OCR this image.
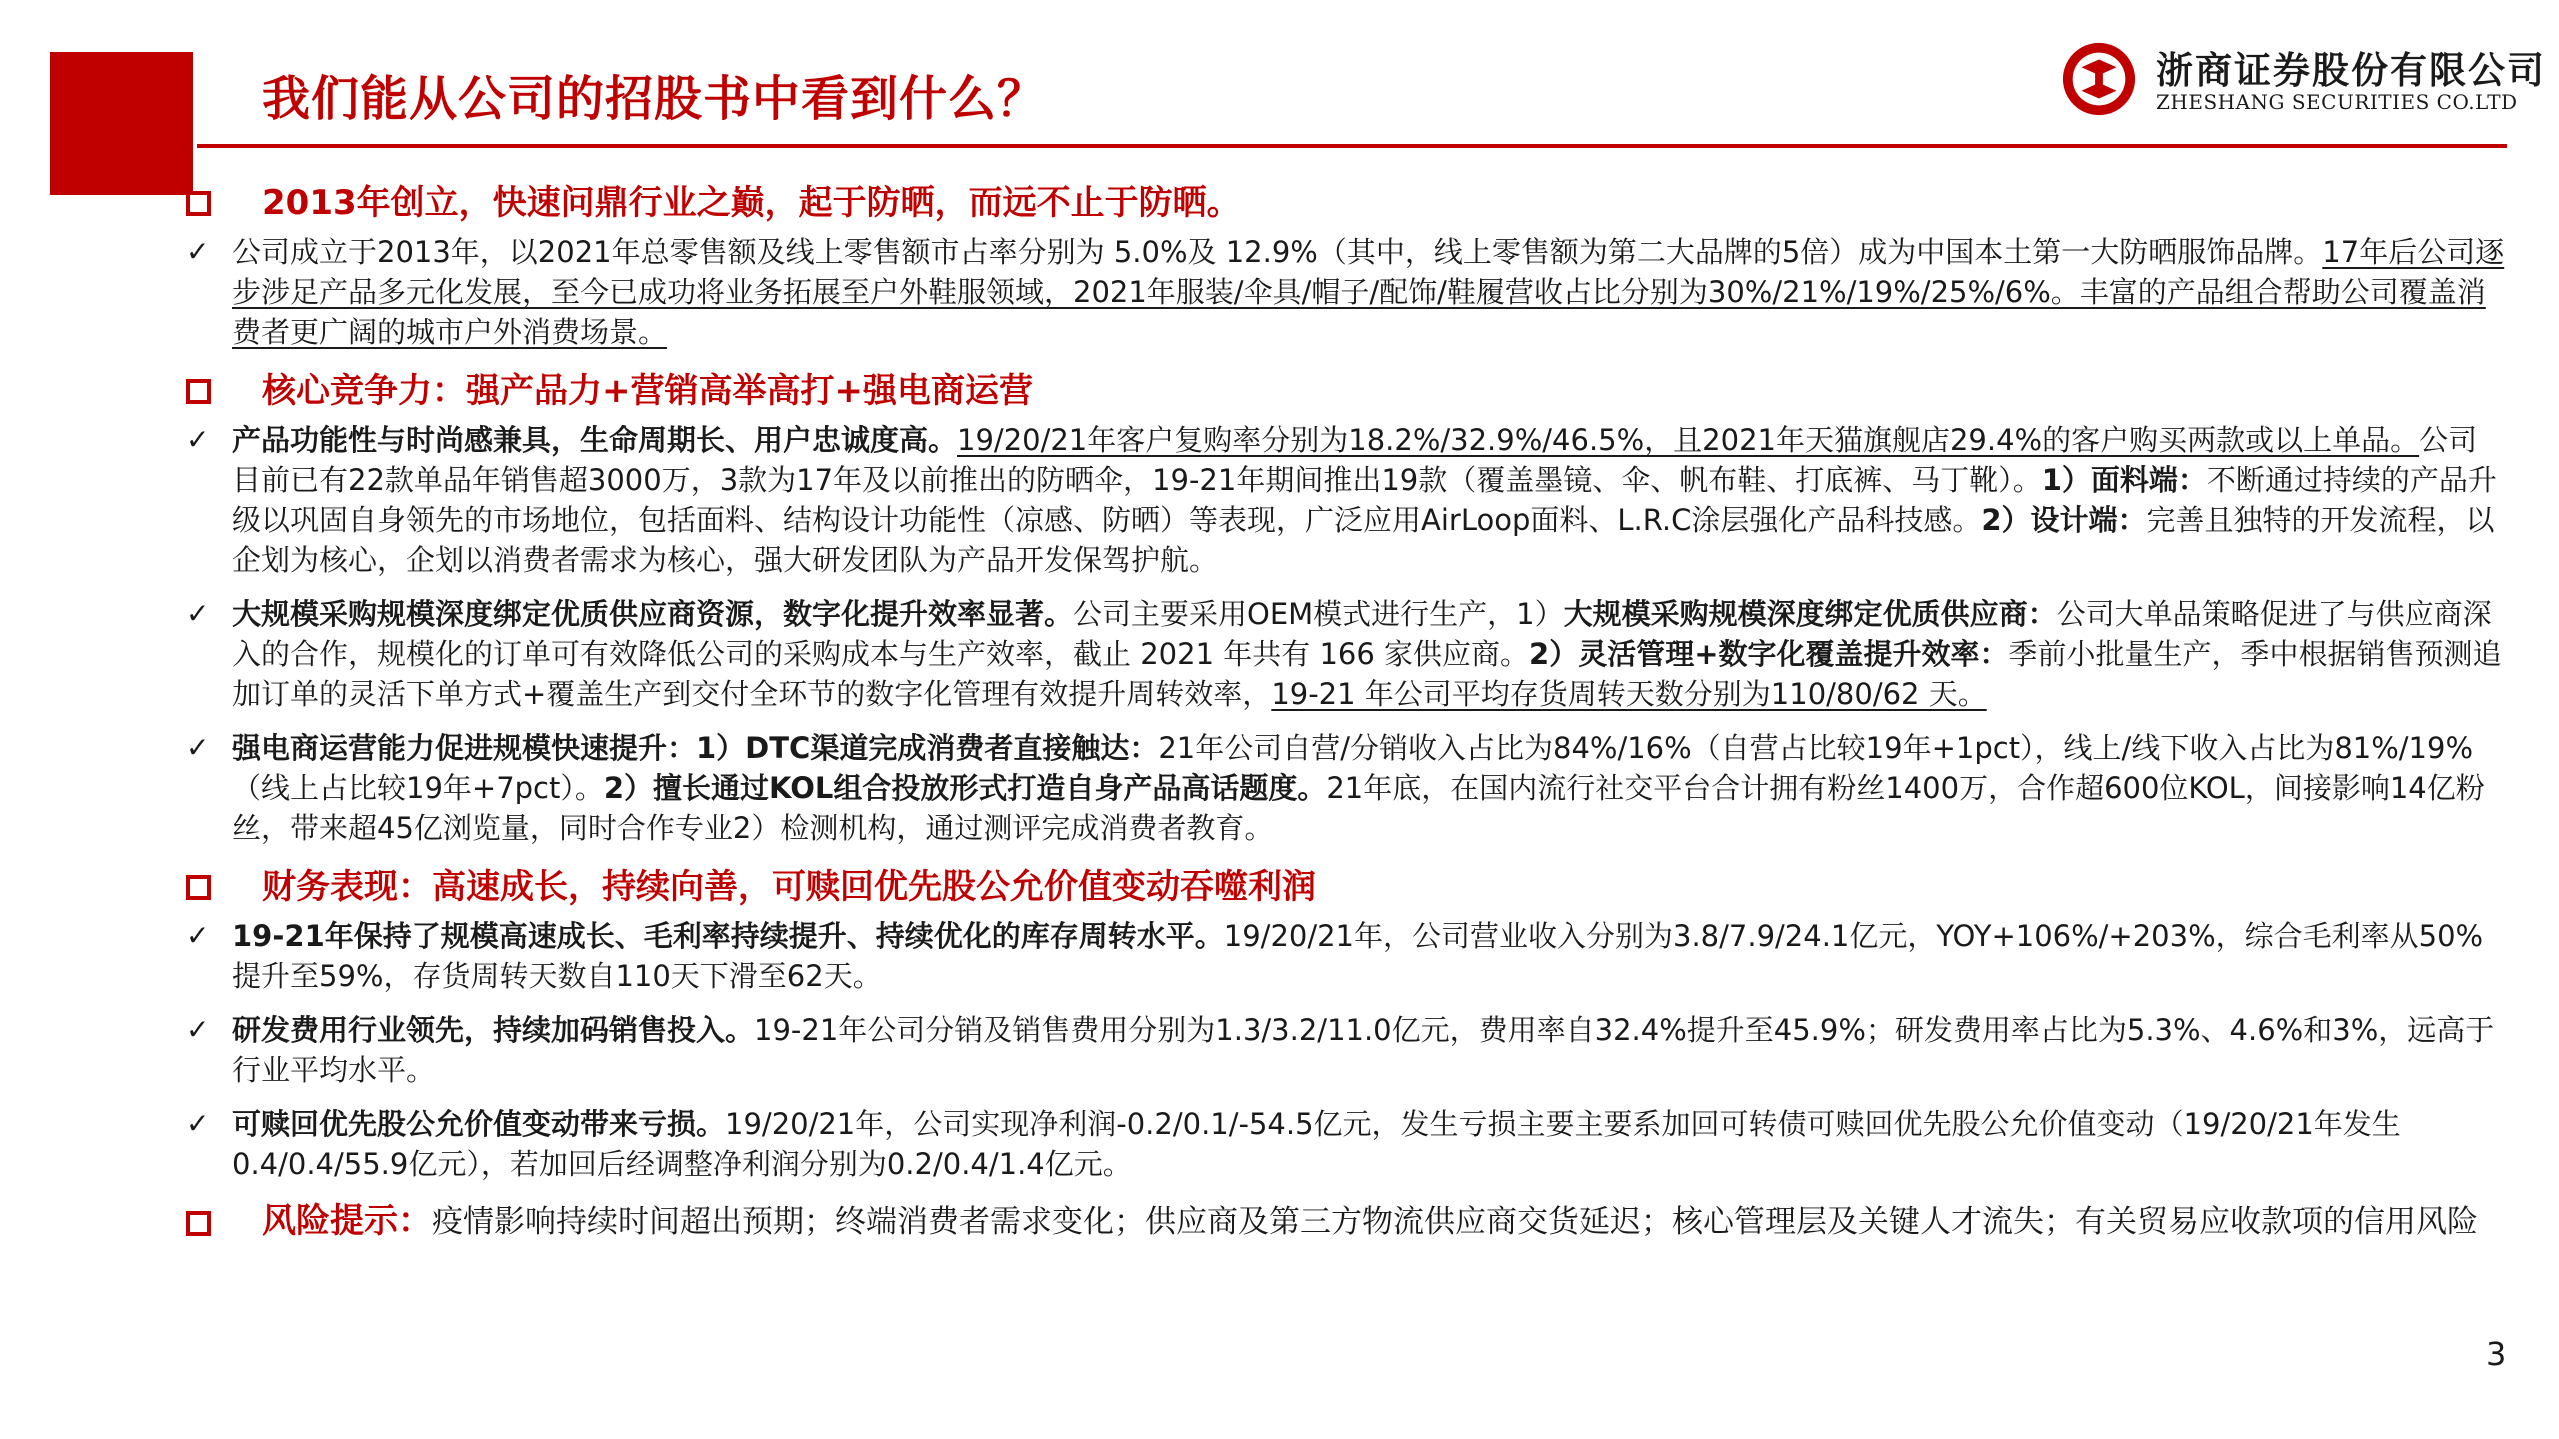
我们能从公司的招股书中看到什么？
浙商证券股份有限公司
ZHESHANG SECURITIES CO.LTD
2013年创立，快速问鼎行业之巅，起于防晒，而远不止于防晒。
✓ 公司成立于2013年，以2021年总零售额及线上零售额市占率分别为 5.0%及 12.9%（其中，线上零售额为第二大品牌的5倍）成为中国本土第一大防晒服饰品牌。17年后公司逐步涉足产品多元化发展，至今已成功将业务拓展至户外鞋服领域，2021年服装/伞具/帽子/配饰/鞋履营收占比分别为30%/21%/19%/25%/6%。丰富的产品组合帮助公司覆盖消费者更广阔的城市户外消费场景。
核心竞争力：强产品力+营销高举高打+强电商运营
✓ 产品功能性与时尚感兼具，生命周期长、用户忠诚度高。19/20/21年客户复购率分别为18.2%/32.9%/46.5%，且2021年天猫旗舰店29.4%的客户购买两款或以上单品。公司目前已有22款单品年销售超3000万，3款为17年及以前推出的防晒伞，19-21年期间推出19款（覆盖墨镜、伞、帆布鞋、打底裤、马丁靴）。1）面料端：不断通过持续的产品升级以巩固自身领先的市场地位，包括面料、结构设计功能性（凉感、防晒）等表现，广泛应用AirLoop面料、L.R.C涂层强化产品科技感。2）设计端：完善且独特的开发流程，以企划为核心，企划以消费者需求为核心，强大研发团队为产品开发保驾护航。
✓ 大规模采购规模深度绑定优质供应商资源，数字化提升效率显著。公司主要采用OEM模式进行生产，1）大规模采购规模深度绑定优质供应商：公司大单品策略促进了与供应商深入的合作，规模化的订单可有效降低公司的采购成本与生产效率，截止 2021 年共有 166 家供应商。2）灵活管理+数字化覆盖提升效率：季前小批量生产，季中根据销售预测追加订单的灵活下单方式+覆盖生产到交付全环节的数字化管理有效提升周转效率，19-21 年公司平均存货周转天数分别为110/80/62 天。
✓ 强电商运营能力促进规模快速提升：1）DTC渠道完成消费者直接触达：21年公司自营/分销收入占比为84%/16%（自营占比较19年+1pct），线上/线下收入占比为81%/19%（线上占比较19年+7pct）。2）擅长通过KOL组合投放形式打造自身产品高话题度。21年底，在国内流行社交平台合计拥有粉丝1400万，合作超600位KOL，间接影响14亿粉丝，带来超45亿浏览量，同时合作专业2）检测机构，通过测评完成消费者教育。
财务表现：高速成长，持续向善，可赎回优先股公允价值变动吞噬利润
✓ 19-21年保持了规模高速成长、毛利率持续提升、持续优化的库存周转水平。19/20/21年，公司营业收入分别为3.8/7.9/24.1亿元，YOY+106%/+203%，综合毛利率从50%提升至59%，存货周转天数自110天下滑至62天。
✓ 研发费用行业领先，持续加码销售投入。19-21年公司分销及销售费用分别为1.3/3.2/11.0亿元，费用率自32.4%提升至45.9%；研发费用率占比为5.3%、4.6%和3%，远高于行业平均水平。
✓ 可赎回优先股公允价值变动带来亏损。19/20/21年，公司实现净利润-0.2/0.1/-54.5亿元，发生亏损主要主要系加回可转债可赎回优先股公允价值变动（19/20/21年发生0.4/0.4/55.9亿元），若加回后经调整净利润分别为0.2/0.4/1.4亿元。
风险提示：疫情影响持续时间超出预期；终端消费者需求变化；供应商及第三方物流供应商交货延迟；核心管理层及关键人才流失；有关贸易应收款项的信用风险
3
